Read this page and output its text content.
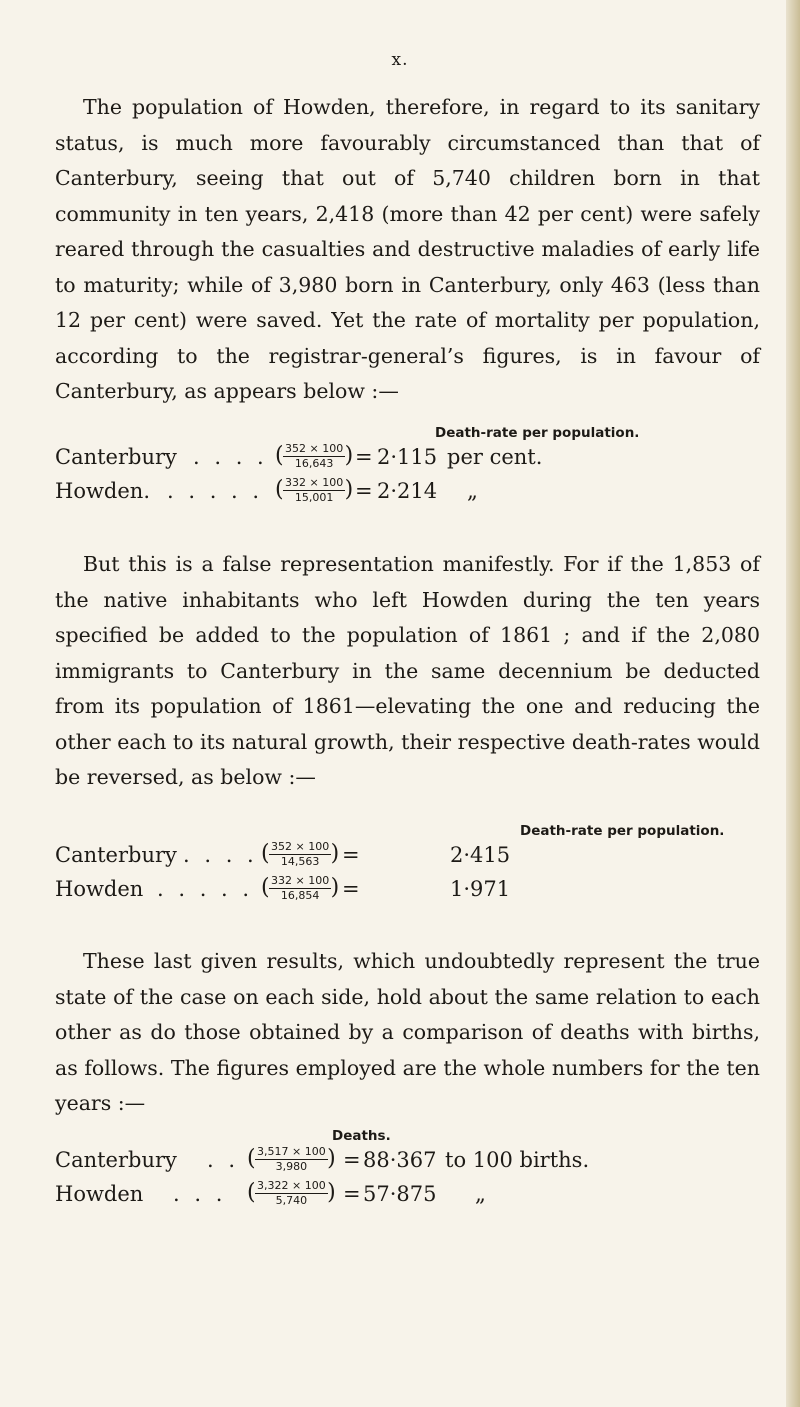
x.

The population of Howden, therefore, in regard to its sanitary status, is much more favourably circumstanced than that of Canterbury, seeing that out of 5,740 children born in that community in ten years, 2,418 (more than 42 per cent) were safely reared through the casualties and destructive maladies of early life to maturity; while of 3,980 born in Canterbury, only 463 (less than 12 per cent) were saved. Yet the rate of mortality per population, according to the registrar-general’s figures, is in favour of Canterbury, as appears below :—

Death-rate per population.
Canterbury . . . . ( 352 × 100
16,643 ) = 2·115 per cent.
Howden. . . . . . ( 332 × 100
15,001 ) = 2·214 „

But this is a false representation manifestly. For if the 1,853 of the native inhabitants who left Howden during the ten years specified be added to the population of 1861 ; and if the 2,080 immigrants to Canterbury in the same decennium be deducted from its population of 1861—elevating the one and reducing the other each to its natural growth, their respective death-rates would be reversed, as below :—

Death-rate per population.
Canterbury . . . . ( 352 × 100
14,563 ) =	2·415
Howden . . . . . ( 332 × 100
16,854 ) =	1·971

These last given results, which undoubtedly represent the true state of the case on each side, hold about the same relation to each other as do those obtained by a comparison of deaths with births, as follows. The figures employed are the whole numbers for the ten years :—

Deaths.
Canterbury . . ( 3,517 × 100
3,980 ) = 88·367 to 100 births.
Howden . . . ( 3,322 × 100
5,740 ) = 57·875 „
